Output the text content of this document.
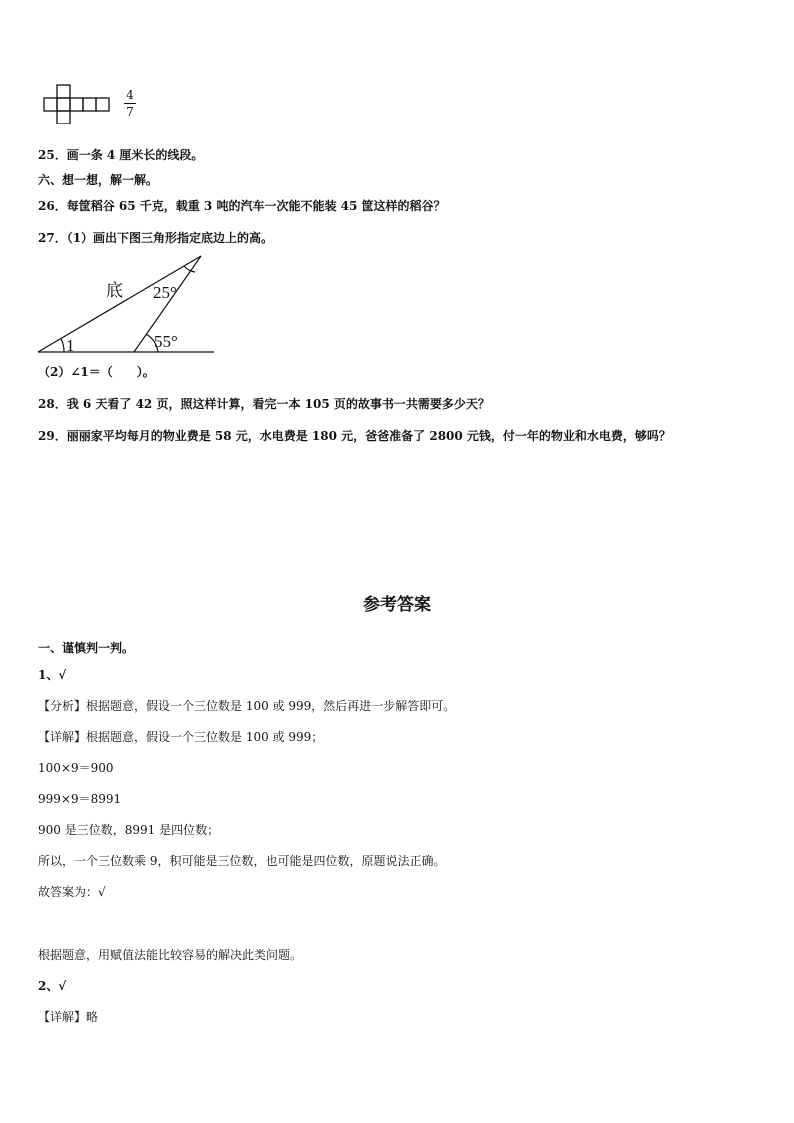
4
7
25．画一条 4 厘米长的线段。
六、想一想，解一解。
26．每筐稻谷 65 千克，载重 3 吨的汽车一次能不能装 45 筐这样的稻谷？
27．（1）画出下图三角形指定底边上的高。
底 25°
55°
1
（2）∠1＝（　　）。
28．我 6 天看了 42 页，照这样计算，看完一本 105 页的故事书一共需要多少天？
29．丽丽家平均每月的物业费是 58 元，水电费是 180 元，爸爸准备了 2800 元钱，付一年的物业和水电费，够吗？
参考答案
一、谨慎判一判。
1、√
【分析】根据题意，假设一个三位数是 100 或 999，然后再进一步解答即可。
【详解】根据题意，假设一个三位数是 100 或 999；
100×9＝900
999×9＝8991
900 是三位数，8991 是四位数；
所以，一个三位数乘 9，积可能是三位数，也可能是四位数，原题说法正确。
故答案为：√
根据题意，用赋值法能比较容易的解决此类问题。
2、√
【详解】略
